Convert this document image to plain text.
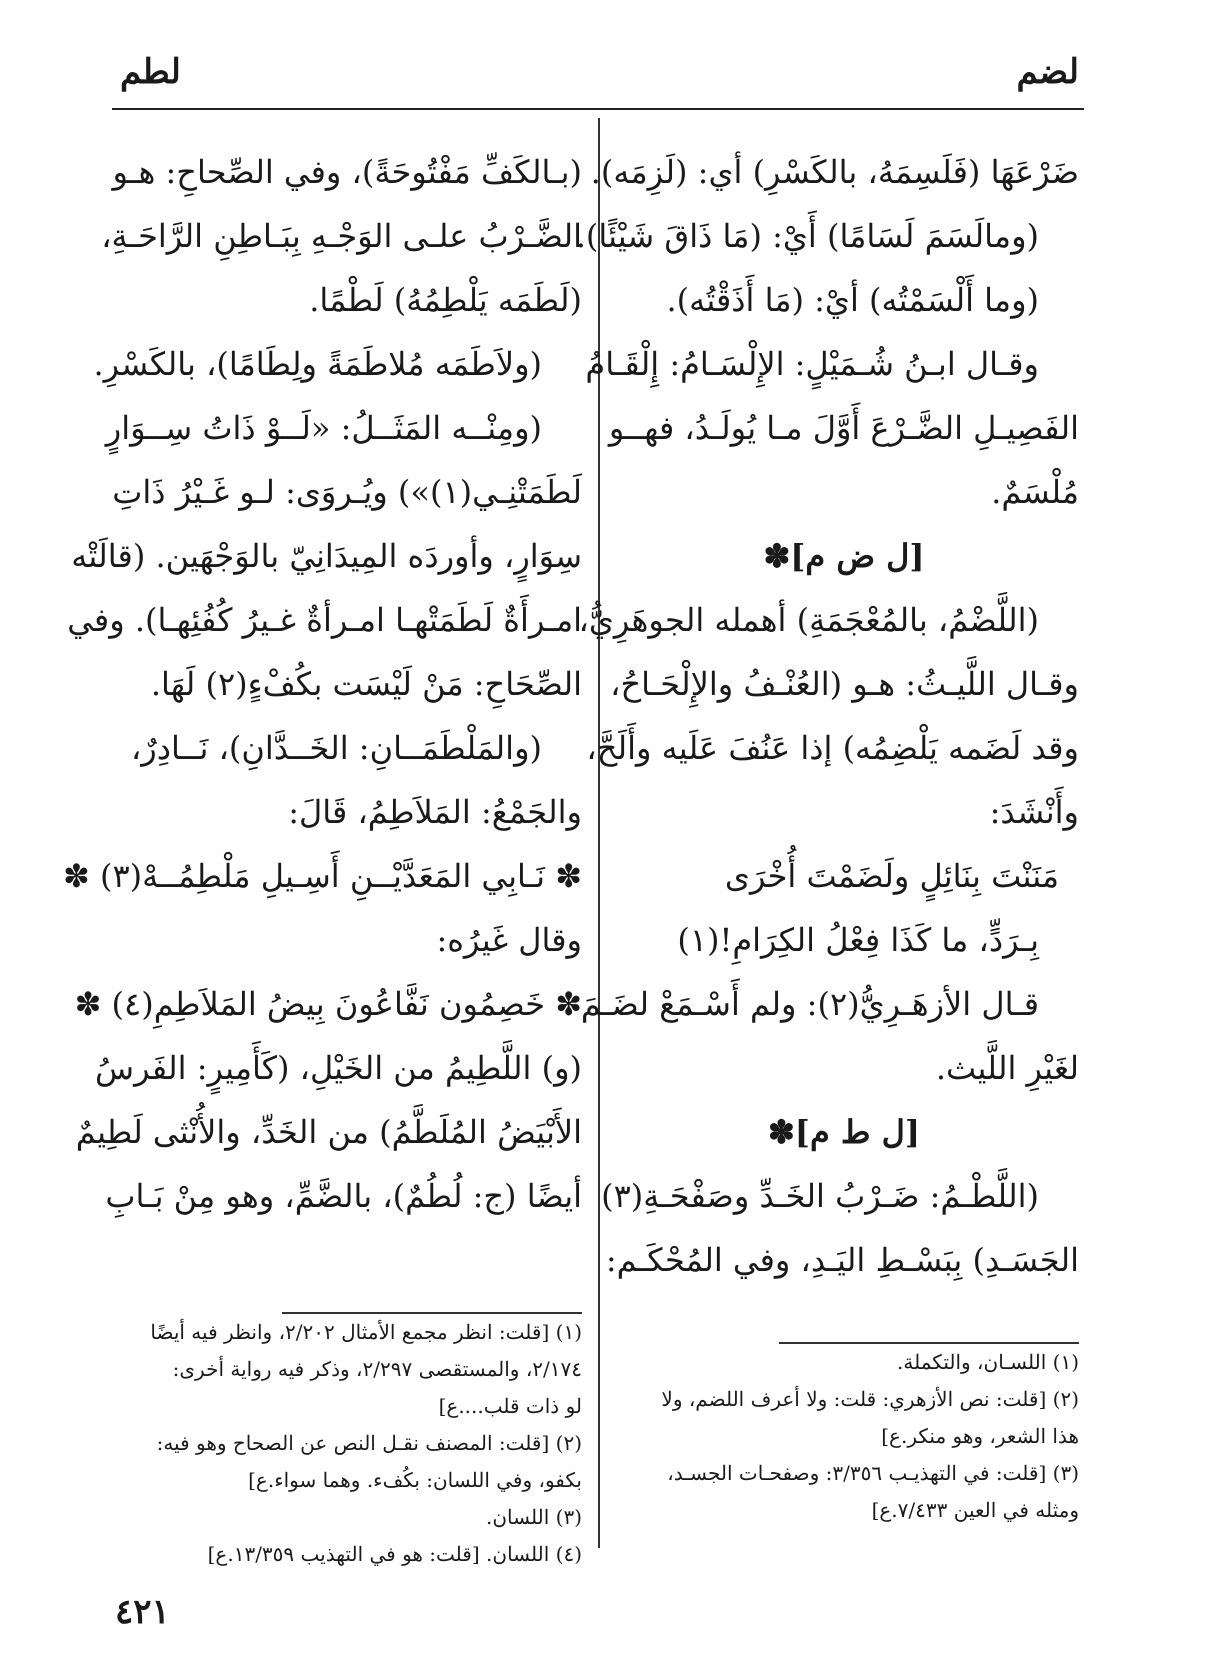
لضم
لطم

ضَرْعَهَا (فَلَسِمَهُ، بالكَسْرِ) أي: (لَزِمَه).

(ومالَسَمَ لَسَامًا) أَيْ: (مَا ذَاقَ شَيْئًا).

(وما أَلْسَمْتُه) أيْ: (مَا أَذَقْتُه).

وقـال ابـنُ شُـمَيْلٍ: الإِلْسَـامُ: إِلْقَـامُ

الفَصِيـلِ الضَّـرْعَ أَوَّلَ مـا يُولَـدُ، فهــو

مُلْسَمٌ.

[ل ض م]✽

(اللَّضْمُ، بالمُعْجَمَةِ) أهمله الجوهَرِيُّ،

وقـال اللَّيـثُ: هـو (العُنْـفُ والإِلْحَـاحُ،

وقد لَضَمه يَلْضِمُه) إذا عَنُفَ عَلَيه وأَلَحَّ،

وأَنْشَدَ:

مَنَنْتَ بِنَائِلٍ ولَضَمْتَ أُخْرَى

بِـرَدٍّ، ما كَذَا فِعْلُ الكِرَامِ!(١)

قـال الأزهَـرِيُّ(٢): ولم أَسْـمَعْ لضَـمَ

لغَيْرِ اللَّيث.

[ل ط م]✽

(اللَّطْـمُ: ضَـرْبُ الخَـدِّ وصَفْحَـةِ(٣)

الجَسَـدِ) بِبَسْـطِ اليَـدِ، وفي المُحْكَـم:

(١) اللسـان، والتكملة.

(٢) [قلت: نص الأزهري: قلت: ولا أعرف اللضم، ولا

هذا الشعر، وهو منكر.ع]

(٣) [قلت: في التهذيـب ٣/٣٥٦: وصفحـات الجسـد،

ومثله في العين ٧/٤٣٣.ع]

(بـالكَفِّ مَفْتُوحَةً)، وفي الصِّحاحِ: هـو

الضَّـرْبُ علـى الوَجْـهِ بِبَـاطِنِ الرَّاحَـةِ،

(لَطَمَه يَلْطِمُهُ) لَطْمًا.

(ولاَطَمَه مُلاطَمَةً ولِطَامًا)، بالكَسْرِ.

(ومِنْــه المَثَــلُ: «لَــوْ ذَاتُ سِــوَارٍ

لَطَمَتْنِـي(١)») ويُـروَى: لـو غَـيْرُ ذَاتِ

سِوَارٍ، وأوردَه المِيدَانِيّ بالوَجْهَين. (قالَتْه

امـرأَةٌ لَطَمَتْهـا امـرأةٌ غـيرُ كُفُئِهـا). وفي

الصِّحَاحِ: مَنْ لَيْسَت بكُفْءٍ(٢) لَهَا.

(والمَلْطَمَــانِ: الخَــدَّانِ)، نَــادِرٌ،

والجَمْعُ: المَلاَطِمُ، قَالَ:

✽ نَـابِي المَعَدَّيْــنِ أَسِـيلِ مَلْطِمُــهْ(٣) ✽

وقال غَيرُه:

✽ خَصِمُون نَفَّاعُونَ بِيضُ المَلاَطِمِ(٤) ✽

(و) اللَّطِيمُ من الخَيْلِ، (كَأَمِيرٍ: الفَرسُ

الأَبْيَضُ المُلَطَّمُ) من الخَدِّ، والأُنْثى لَطِيمٌ

أيضًا (ج: لُطُمٌ)، بالضَّمِّ، وهو مِنْ بَـابِ

(١) [قلت: انظر مجمع الأمثال ٢/٢٠٢، وانظر فيه أيضًا

٢/١٧٤، والمستقصى ٢/٢٩٧، وذكر فيه رواية أخرى:

لو ذات قلب....ع]

(٢) [قلت: المصنف نقـل النص عن الصحاح وهو فيه:

بكفو، وفي اللسان: بكُفء. وهما سواء.ع]

(٣) اللسان.

(٤) اللسان. [قلت: هو في التهذيب ١٣/٣٥٩.ع]

٤٢١
